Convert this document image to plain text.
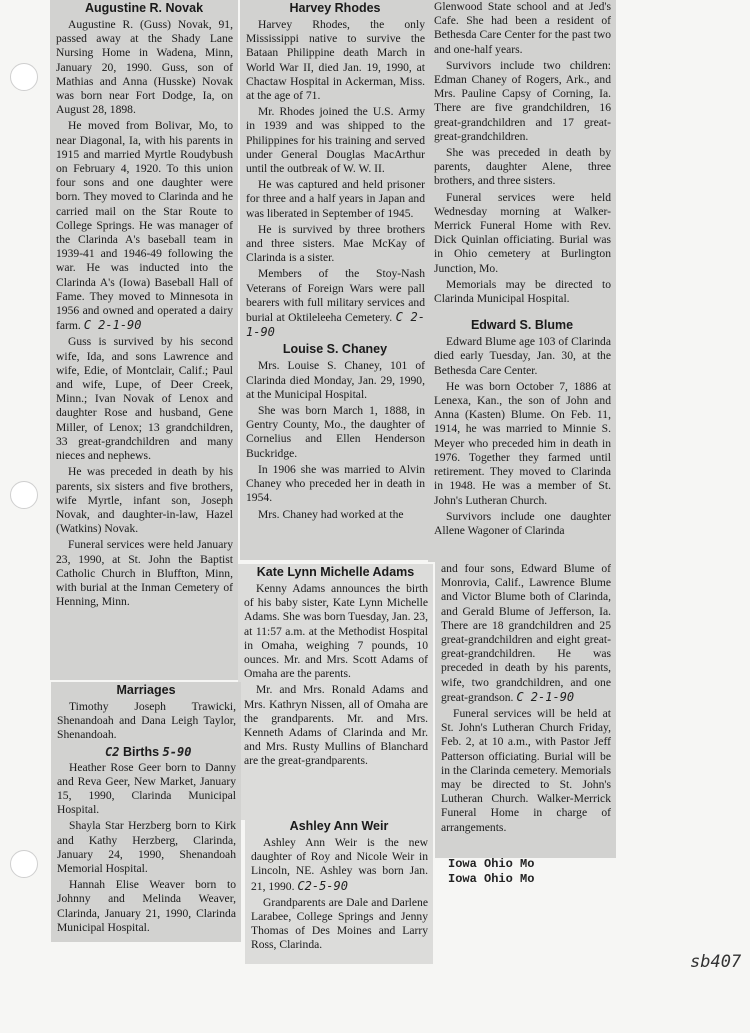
Augustine R. Novak

Augustine R. (Guss) Novak, 91, passed away at the Shady Lane Nursing Home in Wadena, Minn, January 20, 1990. Guss, son of Mathias and Anna (Husske) Novak was born near Fort Dodge, Ia, on August 28, 1898.

He moved from Bolivar, Mo, to near Diagonal, Ia, with his parents in 1915 and married Myrtle Roudybush on February 4, 1920. To this union four sons and one daughter were born. They moved to Clarinda and he carried mail on the Star Route to College Springs. He was manager of the Clarinda A's baseball team in 1939-41 and 1946-49 following the war. He was inducted into the Clarinda A's (Iowa) Baseball Hall of Fame. They moved to Minnesota in 1956 and owned and operated a dairy farm. C 2-1-90

Guss is survived by his second wife, Ida, and sons Lawrence and wife, Edie, of Montclair, Calif.; Paul and wife, Lupe, of Deer Creek, Minn.; Ivan Novak of Lenox and daughter Rose and husband, Gene Miller, of Lenox; 13 grandchildren, 33 great-grandchildren and many nieces and nephews.

He was preceded in death by his parents, six sisters and five brothers, wife Myrtle, infant son, Joseph Novak, and daughter-in-law, Hazel (Watkins) Novak.

Funeral services were held January 23, 1990, at St. John the Baptist Catholic Church in Bluffton, Minn, with burial at the Inman Cemetery of Henning, Minn.

Harvey Rhodes

Harvey Rhodes, the only Mississippi native to survive the Bataan Philippine death March in World War II, died Jan. 19, 1990, at Chactaw Hospital in Ackerman, Miss. at the age of 71.

Mr. Rhodes joined the U.S. Army in 1939 and was shipped to the Philippines for his training and served under General Douglas MacArthur until the outbreak of W. W. II.

He was captured and held prisoner for three and a half years in Japan and was liberated in September of 1945.

He is survived by three brothers and three sisters. Mae McKay of Clarinda is a sister.

Members of the Stoy-Nash Veterans of Foreign Wars were pall bearers with full military services and burial at Oktileleeha Cemetery. C 2-1-90

Louise S. Chaney

Mrs. Louise S. Chaney, 101 of Clarinda died Monday, Jan. 29, 1990, at the Municipal Hospital.

She was born March 1, 1888, in Gentry County, Mo., the daughter of Cornelius and Ellen Henderson Buckridge.

In 1906 she was married to Alvin Chaney who preceded her in death in 1954.

Mrs. Chaney had worked at the

Glenwood State school and at Jed's Cafe. She had been a resident of Bethesda Care Center for the past two and one-half years.

Survivors include two children: Edman Chaney of Rogers, Ark., and Mrs. Pauline Capsy of Corning, Ia. There are five grandchildren, 16 great-grandchildren and 17 great-great-grandchildren.

She was preceded in death by parents, daughter Alene, three brothers, and three sisters.

Funeral services were held Wednesday morning at Walker-Merrick Funeral Home with Rev. Dick Quinlan officiating. Burial was in Ohio cemetery at Burlington Junction, Mo.

Memorials may be directed to Clarinda Municipal Hospital.

Edward S. Blume

Edward Blume age 103 of Clarinda died early Tuesday, Jan. 30, at the Bethesda Care Center.

He was born October 7, 1886 at Lenexa, Kan., the son of John and Anna (Kasten) Blume. On Feb. 11, 1914, he was married to Minnie S. Meyer who preceded him in death in 1976. Together they farmed until retirement. They moved to Clarinda in 1948. He was a member of St. John's Lutheran Church.

Survivors include one daughter Allene Wagoner of Clarinda

and four sons, Edward Blume of Monrovia, Calif., Lawrence Blume and Victor Blume both of Clarinda, and Gerald Blume of Jefferson, Ia. There are 18 grandchildren and 25 great-grandchildren and eight great-great-grandchildren. He was preceded in death by his parents, wife, two grandchildren, and one great-grandson. C 2-1-90

Funeral services will be held at St. John's Lutheran Church Friday, Feb. 2, at 10 a.m., with Pastor Jeff Patterson officiating. Burial will be in the Clarinda cemetery. Memorials may be directed to St. John's Lutheran Church. Walker-Merrick Funeral Home in charge of arrangements.

Kate Lynn Michelle Adams

Kenny Adams announces the birth of his baby sister, Kate Lynn Michelle Adams. She was born Tuesday, Jan. 23, at 11:57 a.m. at the Methodist Hospital in Omaha, weighing 7 pounds, 10 ounces. Mr. and Mrs. Scott Adams of Omaha are the parents.

Mr. and Mrs. Ronald Adams and Mrs. Kathryn Nissen, all of Omaha are the grandparents. Mr. and Mrs. Kenneth Adams of Clarinda and Mr. and Mrs. Rusty Mullins of Blanchard are the great-grandparents.

Marriages

Timothy Joseph Trawicki, Shenandoah and Dana Leigh Taylor, Shenandoah.

C2 Births 5-90

Heather Rose Geer born to Danny and Reva Geer, New Market, January 15, 1990, Clarinda Municipal Hospital.

Shayla Star Herzberg born to Kirk and Kathy Herzberg, Clarinda, January 24, 1990, Shenandoah Memorial Hospital.

Hannah Elise Weaver born to Johnny and Melinda Weaver, Clarinda, January 21, 1990, Clarinda Municipal Hospital.

Ashley Ann Weir

Ashley Ann Weir is the new daughter of Roy and Nicole Weir in Lincoln, NE. Ashley was born Jan. 21, 1990. C2-5-90

Grandparents are Dale and Darlene Larabee, College Springs and Jenny Thomas of Des Moines and Larry Ross, Clarinda.

Iowa Ohio Mo
Iowa Ohio Mo
sb407
